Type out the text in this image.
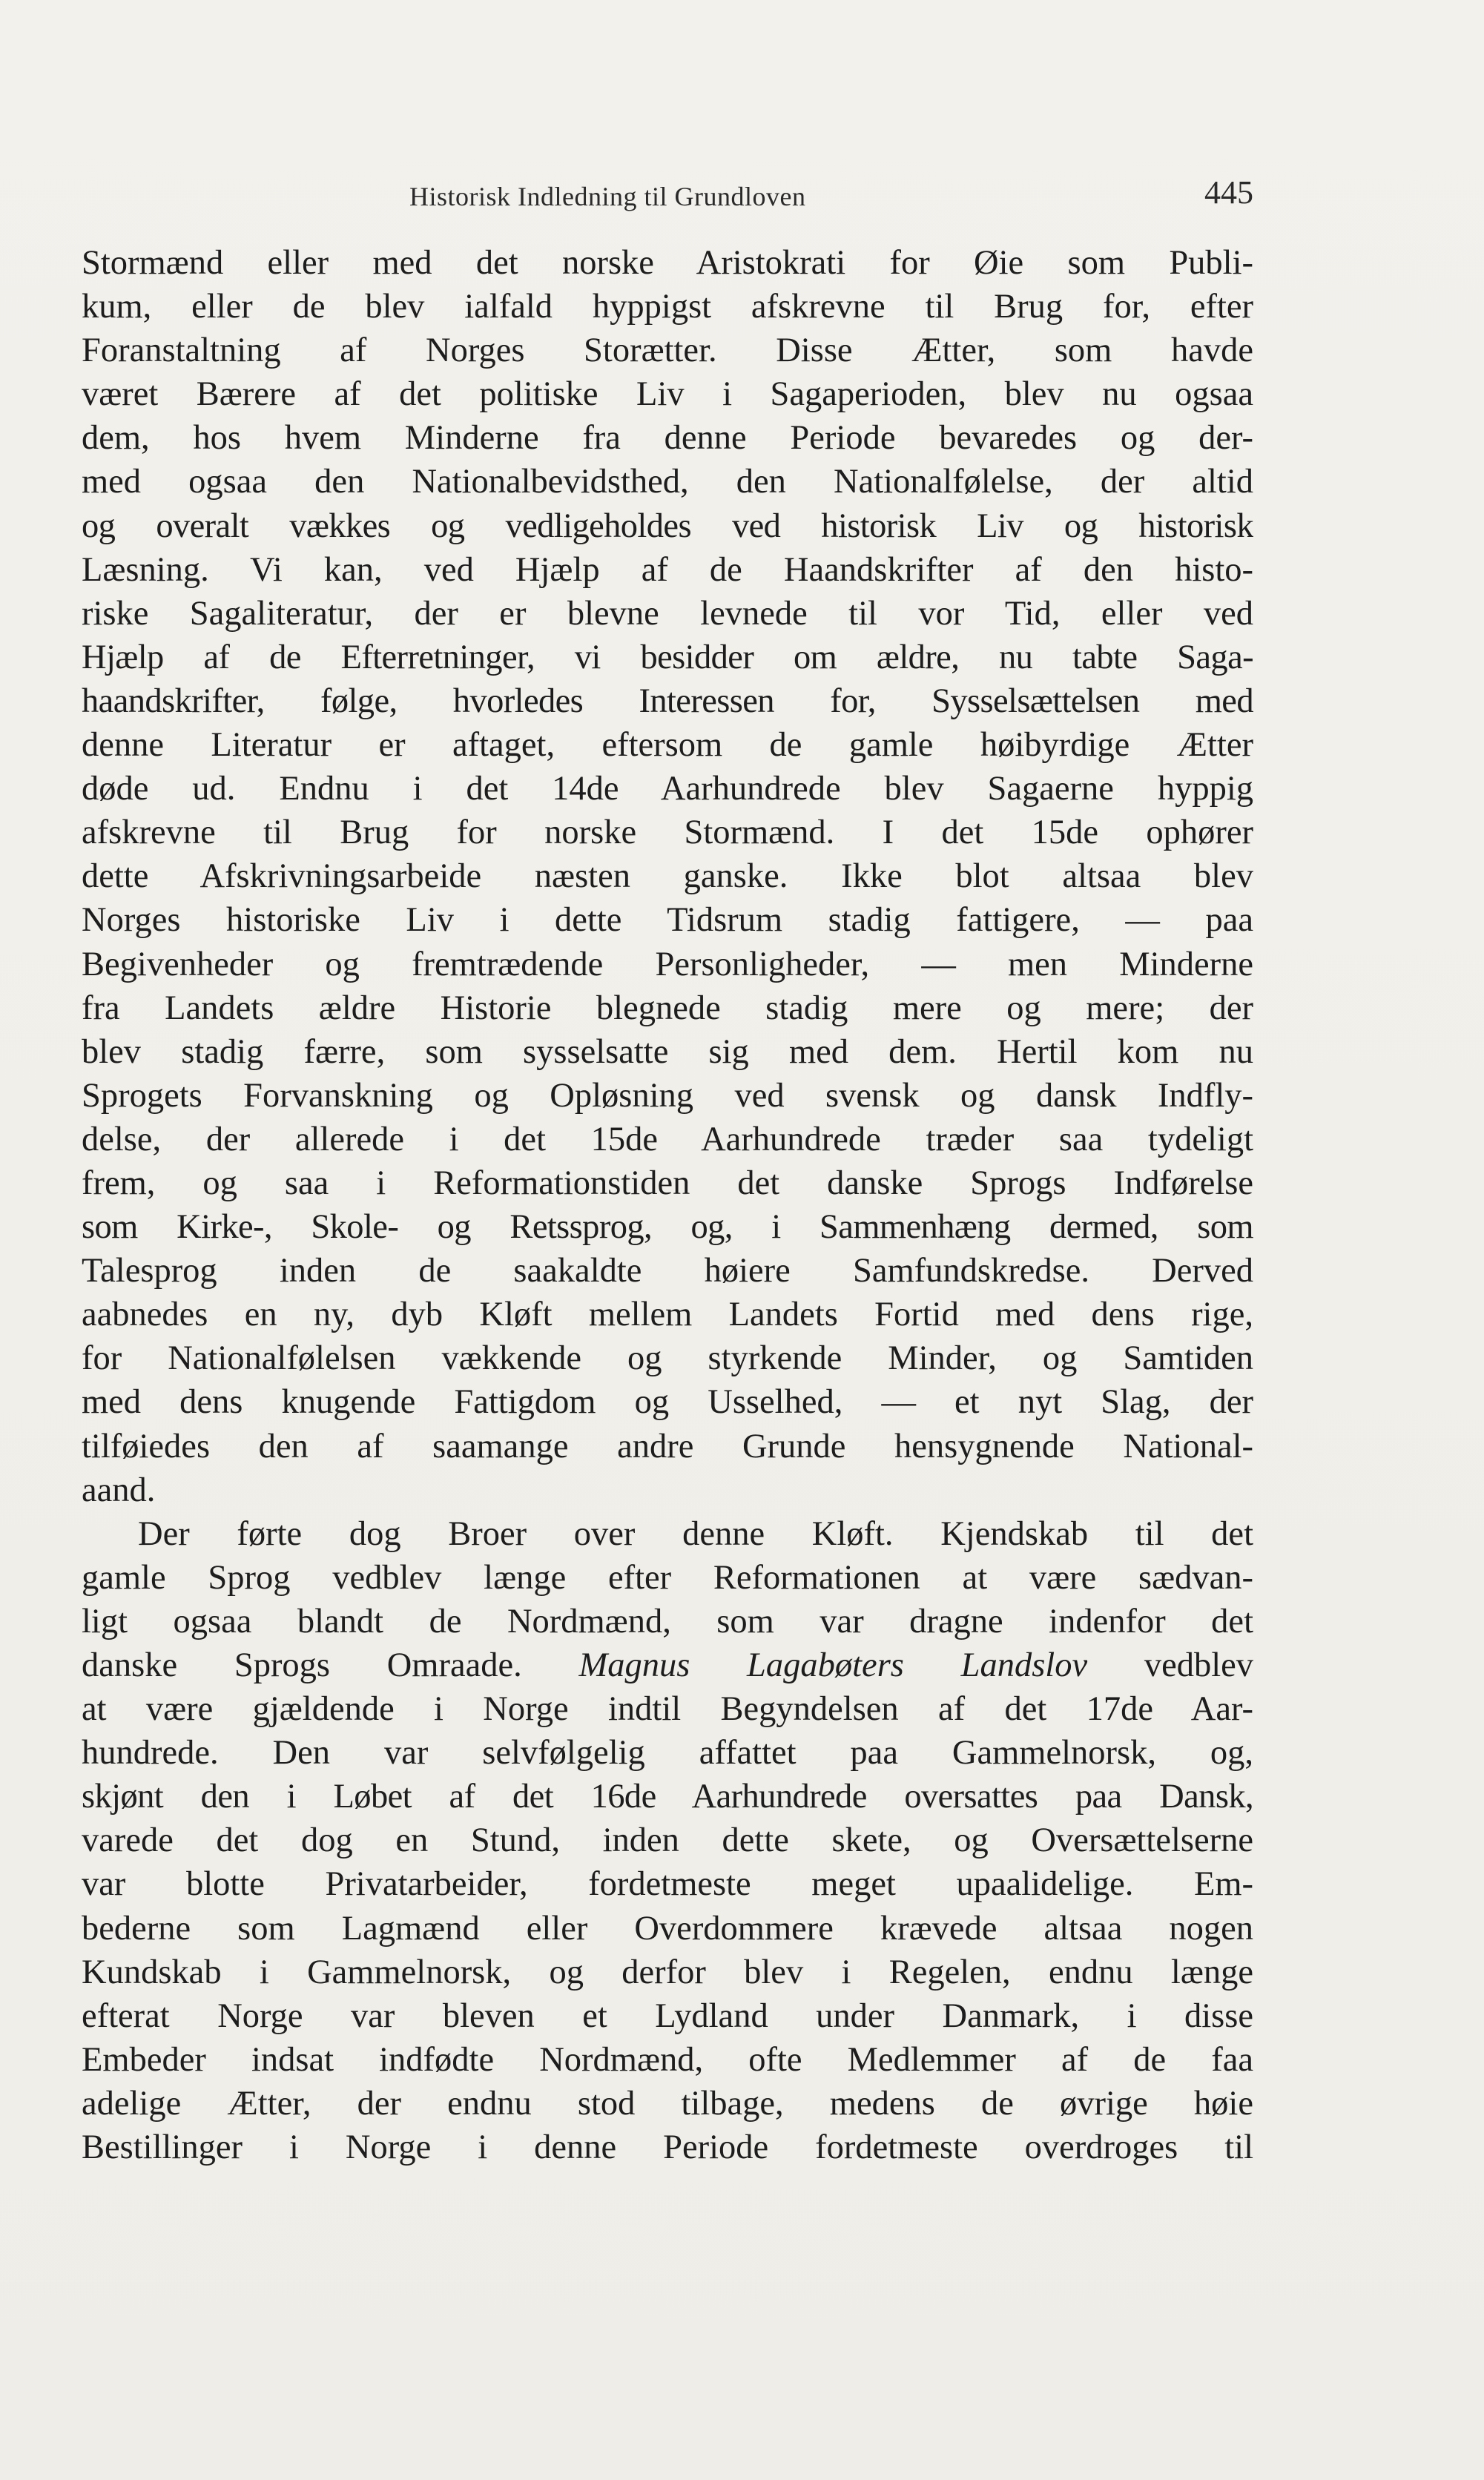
Historisk Indledning til Grundloven	445
Stormænd eller med det norske Aristokrati for Øie som Publi-
kum, eller de blev ialfald hyppigst afskrevne til Brug for, efter
Foranstaltning af Norges Storætter. Disse Ætter, som havde
været Bærere af det politiske Liv i Sagaperioden, blev nu ogsaa
dem, hos hvem Minderne fra denne Periode bevaredes og der-
med ogsaa den Nationalbevidsthed, den Nationalfølelse, der altid
og overalt vækkes og vedligeholdes ved historisk Liv og historisk
Læsning. Vi kan, ved Hjælp af de Haandskrifter af den histo-
riske Sagaliteratur, der er blevne levnede til vor Tid, eller ved
Hjælp af de Efterretninger, vi besidder om ældre, nu tabte Saga-
haandskrifter, følge, hvorledes Interessen for, Sysselsættelsen med
denne Literatur er aftaget, eftersom de gamle høibyrdige Ætter
døde ud. Endnu i det 14de Aarhundrede blev Sagaerne hyppig
afskrevne til Brug for norske Stormænd. I det 15de ophører
dette Afskrivningsarbeide næsten ganske. Ikke blot altsaa blev
Norges historiske Liv i dette Tidsrum stadig fattigere, — paa
Begivenheder og fremtrædende Personligheder, — men Minderne
fra Landets ældre Historie blegnede stadig mere og mere; der
blev stadig færre, som sysselsatte sig med dem. Hertil kom nu
Sprogets Forvanskning og Opløsning ved svensk og dansk Indfly-
delse, der allerede i det 15de Aarhundrede træder saa tydeligt
frem, og saa i Reformationstiden det danske Sprogs Indførelse
som Kirke-, Skole- og Retssprog, og, i Sammenhæng dermed, som
Talesprog inden de saakaldte høiere Samfundskredse. Derved
aabnedes en ny, dyb Kløft mellem Landets Fortid med dens rige,
for Nationalfølelsen vækkende og styrkende Minder, og Samtiden
med dens knugende Fattigdom og Usselhed, — et nyt Slag, der
tilføiedes den af saamange andre Grunde hensygnende National-
aand.
Der førte dog Broer over denne Kløft. Kjendskab til det
gamle Sprog vedblev længe efter Reformationen at være sædvan-
ligt ogsaa blandt de Nordmænd, som var dragne indenfor det
danske Sprogs Omraade. Magnus Lagabøters Landslov vedblev
at være gjældende i Norge indtil Begyndelsen af det 17de Aar-
hundrede. Den var selvfølgelig affattet paa Gammelnorsk, og,
skjønt den i Løbet af det 16de Aarhundrede oversattes paa Dansk,
varede det dog en Stund, inden dette skete, og Oversættelserne
var blotte Privatarbeider, fordetmeste meget upaalidelige. Em-
bederne som Lagmænd eller Overdommere krævede altsaa nogen
Kundskab i Gammelnorsk, og derfor blev i Regelen, endnu længe
efterat Norge var bleven et Lydland under Danmark, i disse
Embeder indsat indfødte Nordmænd, ofte Medlemmer af de faa
adelige Ætter, der endnu stod tilbage, medens de øvrige høie
Bestillinger i Norge i denne Periode fordetmeste overdroges til
